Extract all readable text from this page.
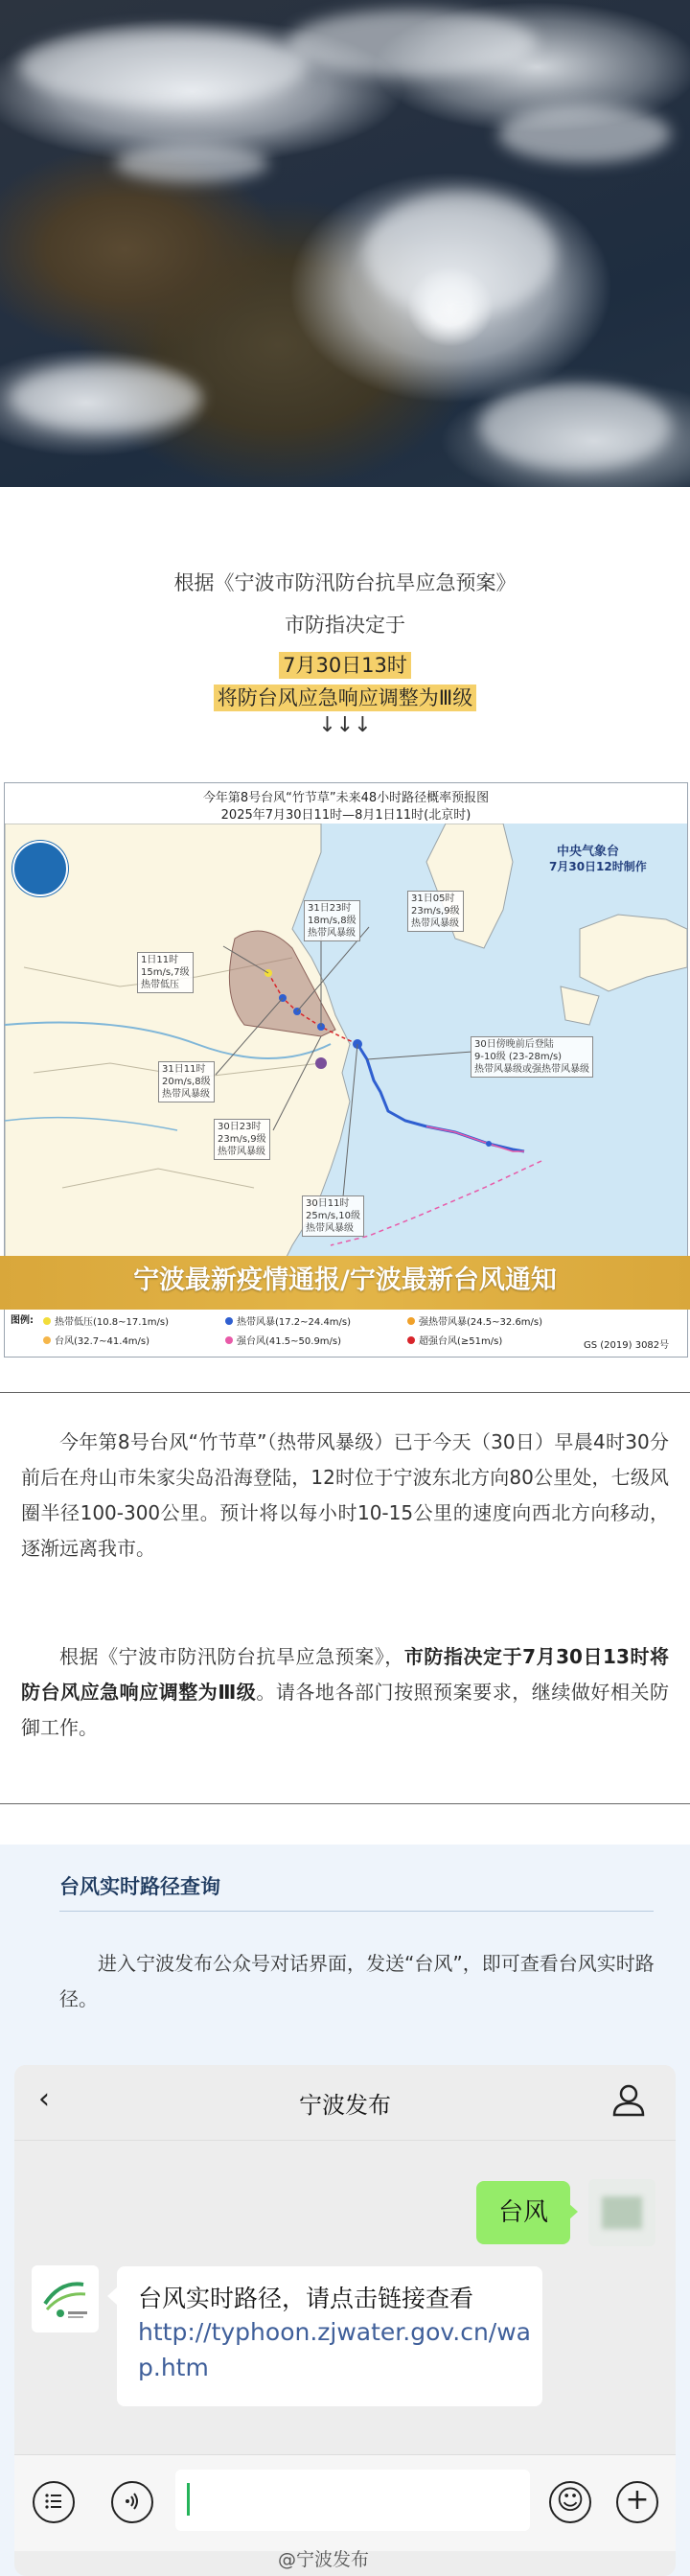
根据《宁波市防汛防台抗旱应急预案》
市防指决定于
7月30日13时
将防台风应急响应调整为Ⅲ级
↓↓↓
今年第8号台风“竹节草”未来48小时路径概率预报图
2025年7月30日11时—8月1日11时(北京时)
中央气象台
7月30日12时制作
31日23时
18m/s,8级
热带风暴级
31日05时
23m/s,9级
热带风暴级
1日11时
15m/s,7级
热带低压
31日11时
20m/s,8级
热带风暴级
30日23时
23m/s,9级
热带风暴级
30日11时
25m/s,10级
热带风暴级
30日傍晚前后登陆
9-10级 (23-28m/s)
热带风暴级或强热带风暴级
图例: 热带低压(10.8~17.1m/s)	热带风暴(17.2~24.4m/s)	强热带风暴(24.5~32.6m/s)
台风(32.7~41.4m/s)	强台风(41.5~50.9m/s)	超强台风(≥51m/s)	GS (2019) 3082号
宁波最新疫情通报/宁波最新台风通知
今年第8号台风“竹节草”（热带风暴级）已于今天（30日）早晨4时30分前后在舟山市朱家尖岛沿海登陆，12时位于宁波东北方向80公里处，七级风圈半径100-300公里。预计将以每小时10-15公里的速度向西北方向移动，逐渐远离我市。
根据《宁波市防汛防台抗旱应急预案》，市防指决定于7月30日13时将防台风应急响应调整为Ⅲ级。请各地各部门按照预案要求，继续做好相关防御工作。
台风实时路径查询
进入宁波发布公众号对话界面，发送“台风”，即可查看台风实时路径。
‹	宁波发布
台风
台风实时路径，请点击链接查看
http://typhoon.zjwater.gov.cn/wap.htm
☺	+
@宁波发布
